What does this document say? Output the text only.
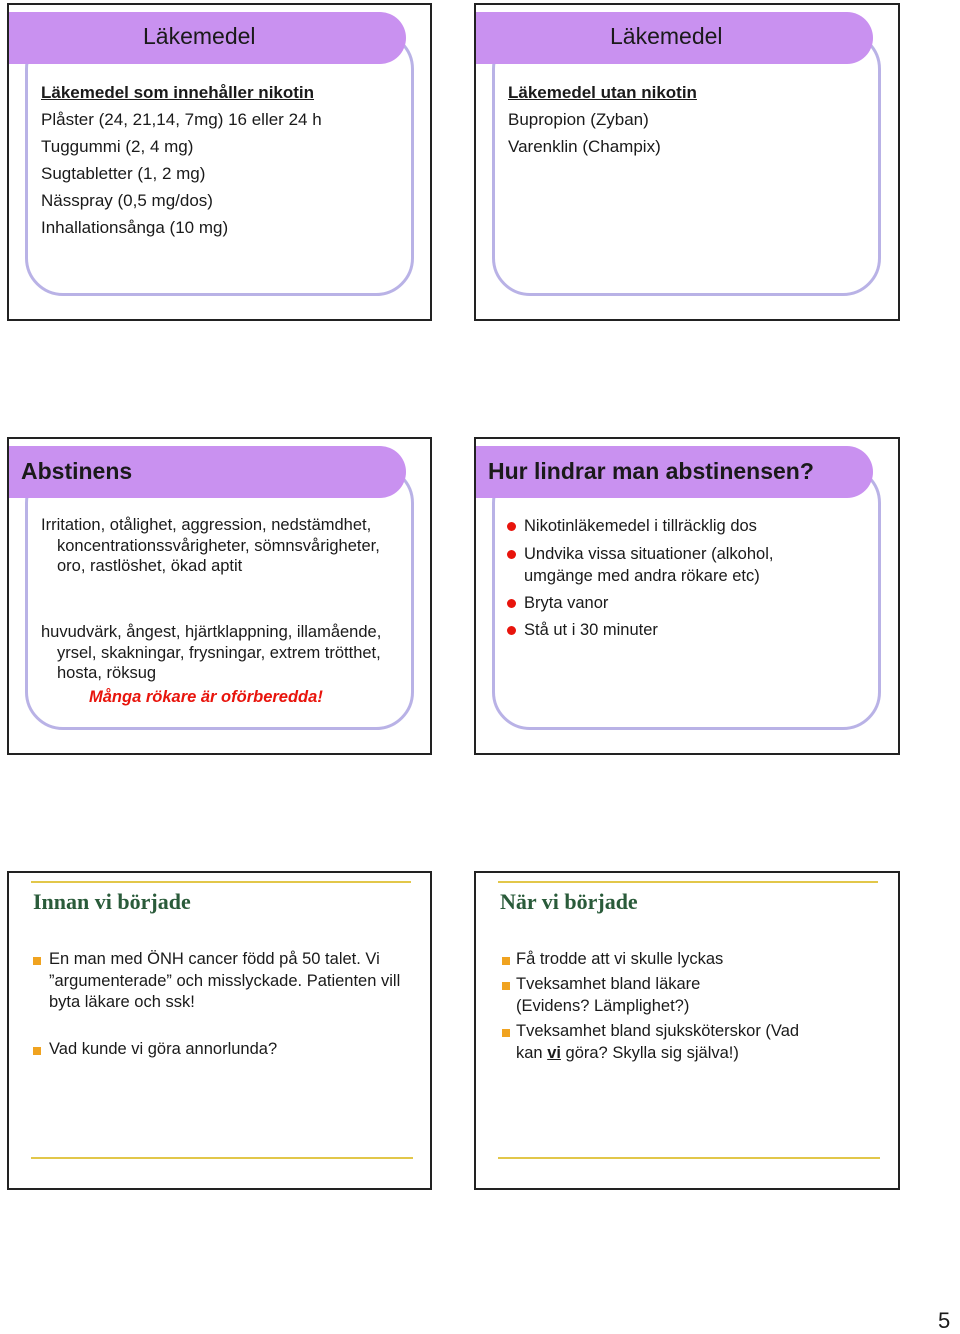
Läkemedel
Läkemedel som innehåller nikotin
Plåster (24, 21,14, 7mg) 16 eller 24 h
Tuggummi (2, 4 mg)
Sugtabletter (1, 2 mg)
Nässpray (0,5 mg/dos)
Inhallationsånga (10 mg)
Läkemedel
Läkemedel utan nikotin
Bupropion (Zyban)
Varenklin (Champix)
Abstinens
Irritation, otålighet, aggression, nedstämdhet, koncentrationssvårigheter, sömnsvårigheter, oro, rastlöshet, ökad aptit
huvudvärk, ångest, hjärtklappning, illamående, yrsel, skakningar, frysningar, extrem trötthet, hosta, röksug
Många rökare är oförberedda!
Hur lindrar man abstinensen?
Nikotinläkemedel i tillräcklig dos
Undvika vissa situationer (alkohol, umgänge med andra rökare etc)
Bryta vanor
Stå ut i 30 minuter
Innan vi började
En man med ÖNH cancer född på 50 talet. Vi ”argumenterade” och misslyckade. Patienten vill byta läkare och ssk!
Vad kunde vi göra annorlunda?
När vi började
Få trodde att vi skulle lyckas
Tveksamhet bland läkare (Evidens? Lämplighet?)
Tveksamhet bland sjuksköterskor (Vad kan vi göra? Skylla sig själva!)
5
